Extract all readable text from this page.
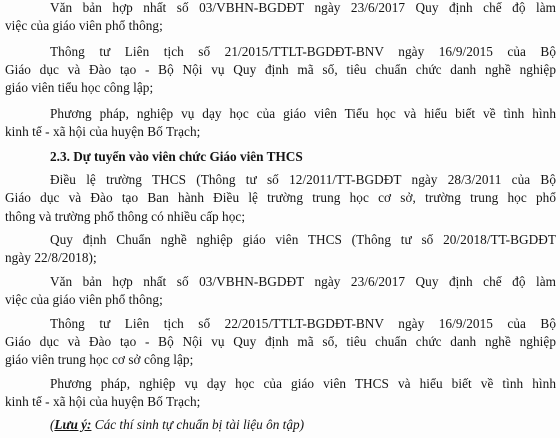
Văn bản hợp nhất số 03/VBHN-BGDĐT ngày 23/6/2017 Quy định chế độ làm
việc của giáo viên phổ thông;
Thông tư Liên tịch số 21/2015/TTLT-BGDĐT-BNV ngày 16/9/2015 của Bộ
Giáo dục và Đào tạo - Bộ Nội vụ Quy định mã số, tiêu chuẩn chức danh nghề nghiệp
giáo viên tiểu học công lập;
Phương pháp, nghiệp vụ dạy học của giáo viên Tiểu học và hiểu biết về tình hình
kinh tế - xã hội của huyện Bố Trạch;
2.3. Dự tuyển vào viên chức Giáo viên THCS
Điều lệ trường THCS (Thông tư số 12/2011/TT-BGDĐT ngày 28/3/2011 của Bộ
Giáo dục và Đào tạo Ban hành Điều lệ trường trung học cơ sở, trường trung học phổ
thông và trường phổ thông có nhiều cấp học;
Quy định Chuẩn nghề nghiệp giáo viên THCS (Thông tư số 20/2018/TT-BGDĐT
ngày 22/8/2018);
Văn bản hợp nhất số 03/VBHN-BGDĐT ngày 23/6/2017 Quy định chế độ làm
việc của giáo viên phổ thông;
Thông tư Liên tịch số 22/2015/TTLT-BGDĐT-BNV ngày 16/9/2015 của Bộ
Giáo dục và Đào tạo - Bộ Nội vụ Quy định mã số, tiêu chuẩn chức danh nghề nghiệp
giáo viên trung học cơ sở công lập;
Phương pháp, nghiệp vụ dạy học của giáo viên THCS và hiểu biết về tình hình
kinh tế - xã hội của huyện Bố Trạch;
(Lưu ý: Các thí sinh tự chuẩn bị tài liệu ôn tập)
